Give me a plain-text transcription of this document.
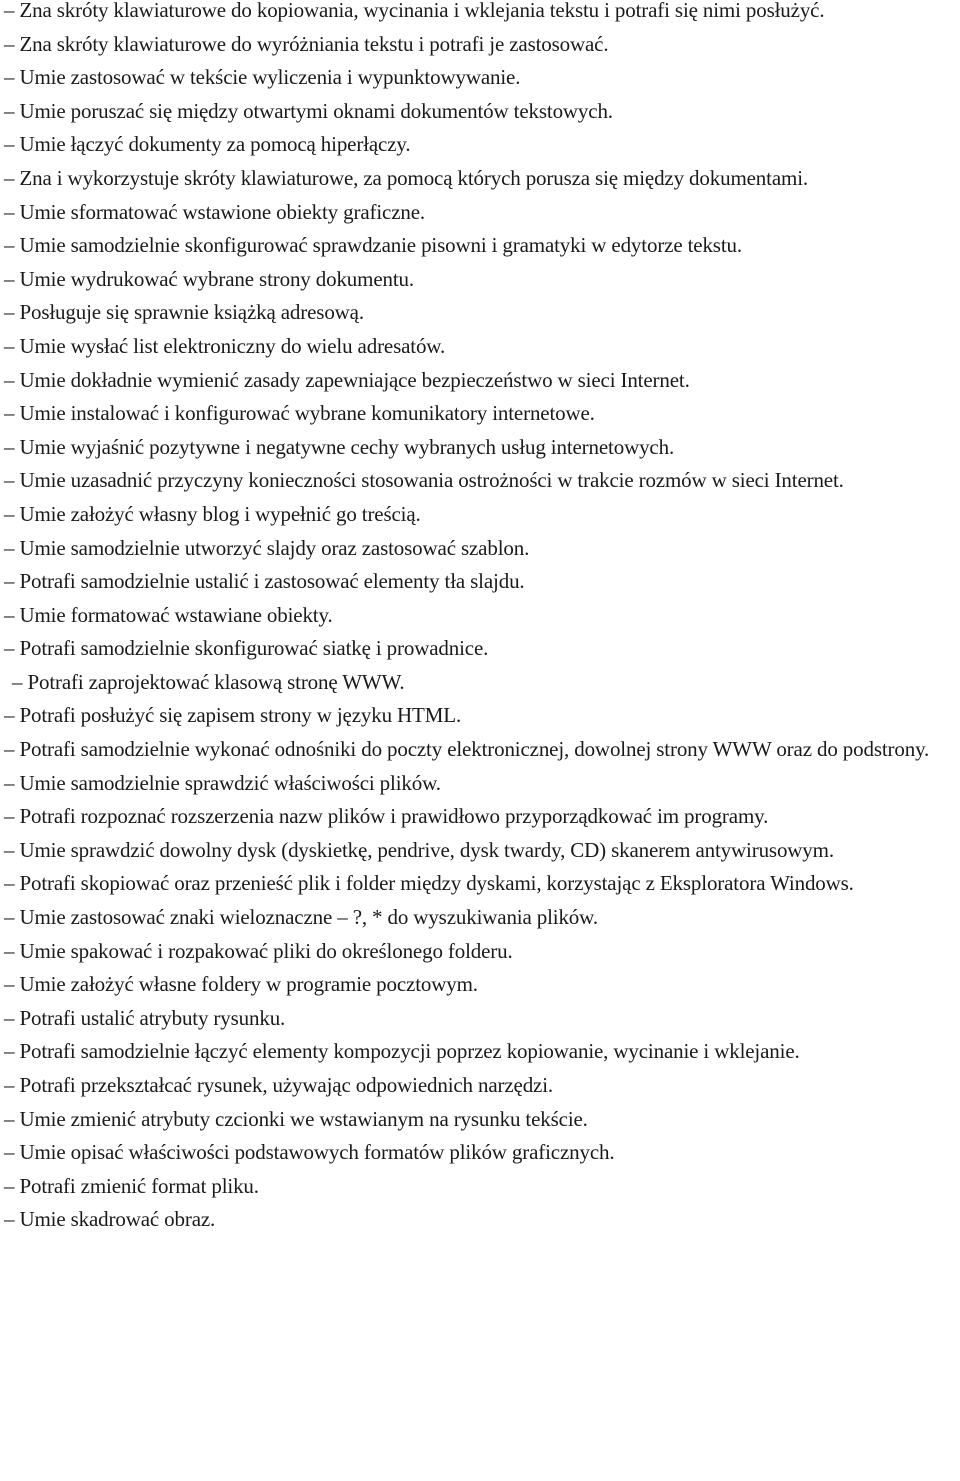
– Zna skróty klawiaturowe do kopiowania, wycinania i wklejania tekstu i potrafi się nimi posłużyć.
– Zna skróty klawiaturowe do wyróżniania tekstu i potrafi je zastosować.
– Umie zastosować w tekście wyliczenia i wypunktowywanie.
– Umie poruszać się między otwartymi oknami dokumentów tekstowych.
– Umie łączyć dokumenty za pomocą hiperłączy.
– Zna i wykorzystuje skróty klawiaturowe, za pomocą których porusza się między dokumentami.
– Umie sformatować wstawione obiekty graficzne.
– Umie samodzielnie skonfigurować sprawdzanie pisowni i gramatyki w edytorze tekstu.
– Umie wydrukować wybrane strony dokumentu.
– Posługuje się sprawnie książką adresową.
– Umie wysłać list elektroniczny do wielu adresatów.
– Umie dokładnie wymienić zasady zapewniające bezpieczeństwo w sieci Internet.
– Umie instalować i konfigurować wybrane komunikatory internetowe.
– Umie wyjaśnić pozytywne i negatywne cechy wybranych usług internetowych.
– Umie uzasadnić przyczyny konieczności stosowania ostrożności w trakcie rozmów w sieci Internet.
– Umie założyć własny blog i wypełnić go treścią.
– Umie samodzielnie utworzyć slajdy oraz zastosować szablon.
– Potrafi samodzielnie ustalić i zastosować elementy tła slajdu.
– Umie formatować wstawiane obiekty.
– Potrafi samodzielnie skonfigurować siatkę i prowadnice.
– Potrafi zaprojektować klasową stronę WWW.
– Potrafi posłużyć się zapisem strony w języku HTML.
– Potrafi samodzielnie wykonać odnośniki do poczty elektronicznej, dowolnej strony WWW oraz do podstrony.
– Umie samodzielnie sprawdzić właściwości plików.
– Potrafi rozpoznać rozszerzenia nazw plików i prawidłowo przyporządkować im programy.
– Umie sprawdzić dowolny dysk (dyskietkę, pendrive, dysk twardy, CD) skanerem antywirusowym.
– Potrafi skopiować oraz przenieść plik i folder między dyskami, korzystając z Eksploratora Windows.
– Umie zastosować znaki wieloznaczne – ?, * do wyszukiwania plików.
– Umie spakować i rozpakować pliki do określonego folderu.
– Umie założyć własne foldery w programie pocztowym.
– Potrafi ustalić atrybuty rysunku.
– Potrafi samodzielnie łączyć elementy kompozycji poprzez kopiowanie, wycinanie i wklejanie.
– Potrafi przekształcać rysunek, używając odpowiednich narzędzi.
– Umie zmienić atrybuty czcionki we wstawianym na rysunku tekście.
– Umie opisać właściwości podstawowych formatów plików graficznych.
– Potrafi zmienić format pliku.
– Umie skadrować obraz.
